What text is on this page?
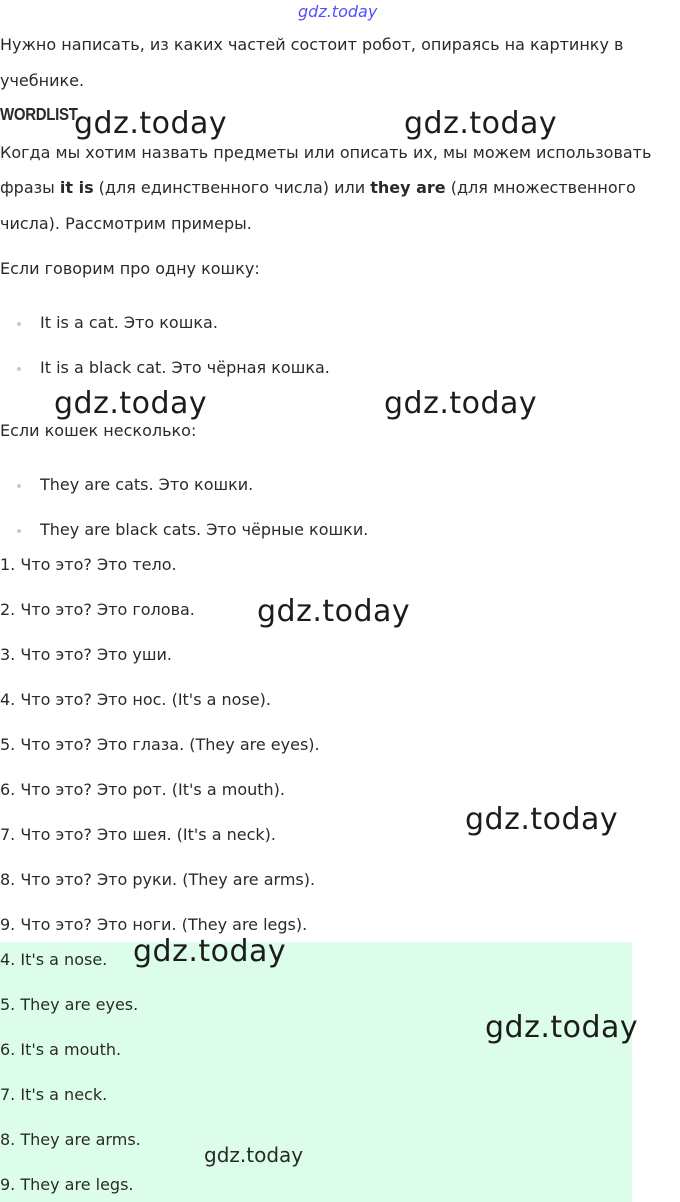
gdz.today
Нужно написать, из каких частей состоит робот, опираясь на картинку в
учебнике.
WORDLIST
Когда мы хотим назвать предметы или описать их, мы можем использовать
фразы it is (для единственного числа) или they are (для множественного
числа). Рассмотрим примеры.
Если говорим про одну кошку:
It is a cat. Это кошка.
It is a black cat. Это чёрная кошка.
Если кошек несколько:
They are cats. Это кошки.
They are black cats. Это чёрные кошки.
1. Что это? Это тело.
2. Что это? Это голова.
3. Что это? Это уши.
4. Что это? Это нос. (It's a nose).
5. Что это? Это глаза. (They are eyes).
6. Что это? Это рот. (It's a mouth).
7. Что это? Это шея. (It's a neck).
8. Что это? Это руки. (They are arms).
9. Что это? Это ноги. (They are legs).
4. It's a nose.
5. They are eyes.
6. It's a mouth.
7. It's a neck.
8. They are arms.
9. They are legs.
gdz.today	gdz.today
gdz.today	gdz.today
gdz.today
gdz.today
gdz.today
gdz.today
gdz.today
